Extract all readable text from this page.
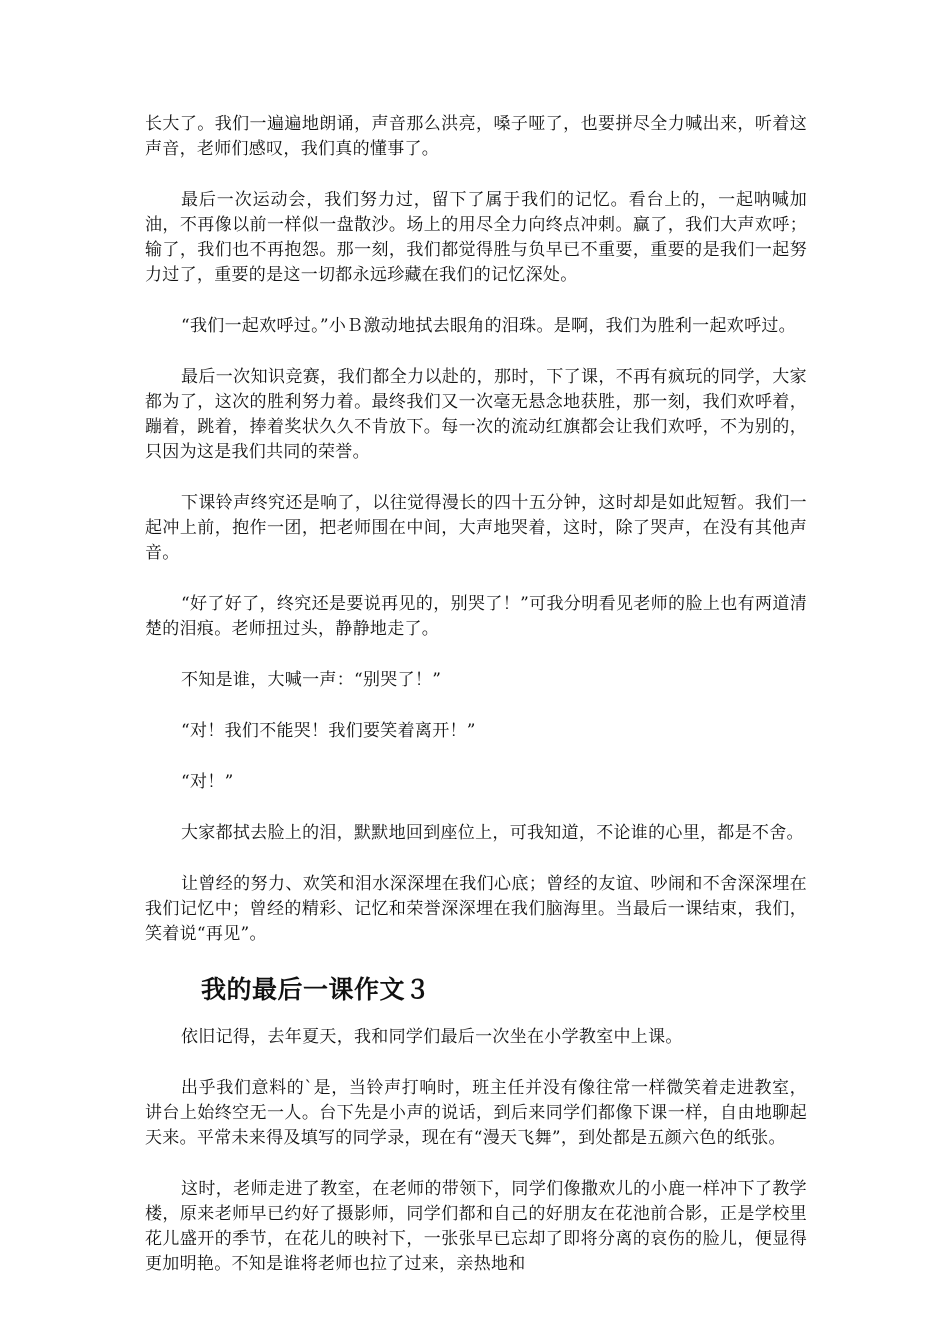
长大了。我们一遍遍地朗诵，声音那么洪亮，嗓子哑了，也要拼尽全力喊出来，听着这声音，老师们感叹，我们真的懂事了。

最后一次运动会，我们努力过，留下了属于我们的记忆。看台上的，一起呐喊加油，不再像以前一样似一盘散沙。场上的用尽全力向终点冲刺。赢了，我们大声欢呼；输了，我们也不再抱怨。那一刻，我们都觉得胜与负早已不重要，重要的是我们一起努力过了，重要的是这一切都永远珍藏在我们的记忆深处。

“我们一起欢呼过。”小Ｂ激动地拭去眼角的泪珠。是啊，我们为胜利一起欢呼过。

最后一次知识竞赛，我们都全力以赴的，那时，下了课，不再有疯玩的同学，大家都为了，这次的胜利努力着。最终我们又一次毫无悬念地获胜，那一刻，我们欢呼着，蹦着，跳着，捧着奖状久久不肯放下。每一次的流动红旗都会让我们欢呼，不为别的，只因为这是我们共同的荣誉。

下课铃声终究还是响了，以往觉得漫长的四十五分钟，这时却是如此短暂。我们一起冲上前，抱作一团，把老师围在中间，大声地哭着，这时，除了哭声，在没有其他声音。

“好了好了，终究还是要说再见的，别哭了！”可我分明看见老师的脸上也有两道清楚的泪痕。老师扭过头，静静地走了。

不知是谁，大喊一声：“别哭了！”

“对！我们不能哭！我们要笑着离开！”

“对！”

大家都拭去脸上的泪，默默地回到座位上，可我知道，不论谁的心里，都是不舍。

让曾经的努力、欢笑和泪水深深埋在我们心底；曾经的友谊、吵闹和不舍深深埋在我们记忆中；曾经的精彩、记忆和荣誉深深埋在我们脑海里。当最后一课结束，我们，笑着说“再见”。

我的最后一课作文３

依旧记得，去年夏天，我和同学们最后一次坐在小学教室中上课。

出乎我们意料的`是，当铃声打响时，班主任并没有像往常一样微笑着走进教室，讲台上始终空无一人。台下先是小声的说话，到后来同学们都像下课一样，自由地聊起天来。平常未来得及填写的同学录，现在有“漫天飞舞”，到处都是五颜六色的纸张。

这时，老师走进了教室，在老师的带领下，同学们像撒欢儿的小鹿一样冲下了教学楼，原来老师早已约好了摄影师，同学们都和自己的好朋友在花池前合影，正是学校里花儿盛开的季节，在花儿的映衬下，一张张早已忘却了即将分离的哀伤的脸儿，便显得更加明艳。不知是谁将老师也拉了过来，亲热地和
